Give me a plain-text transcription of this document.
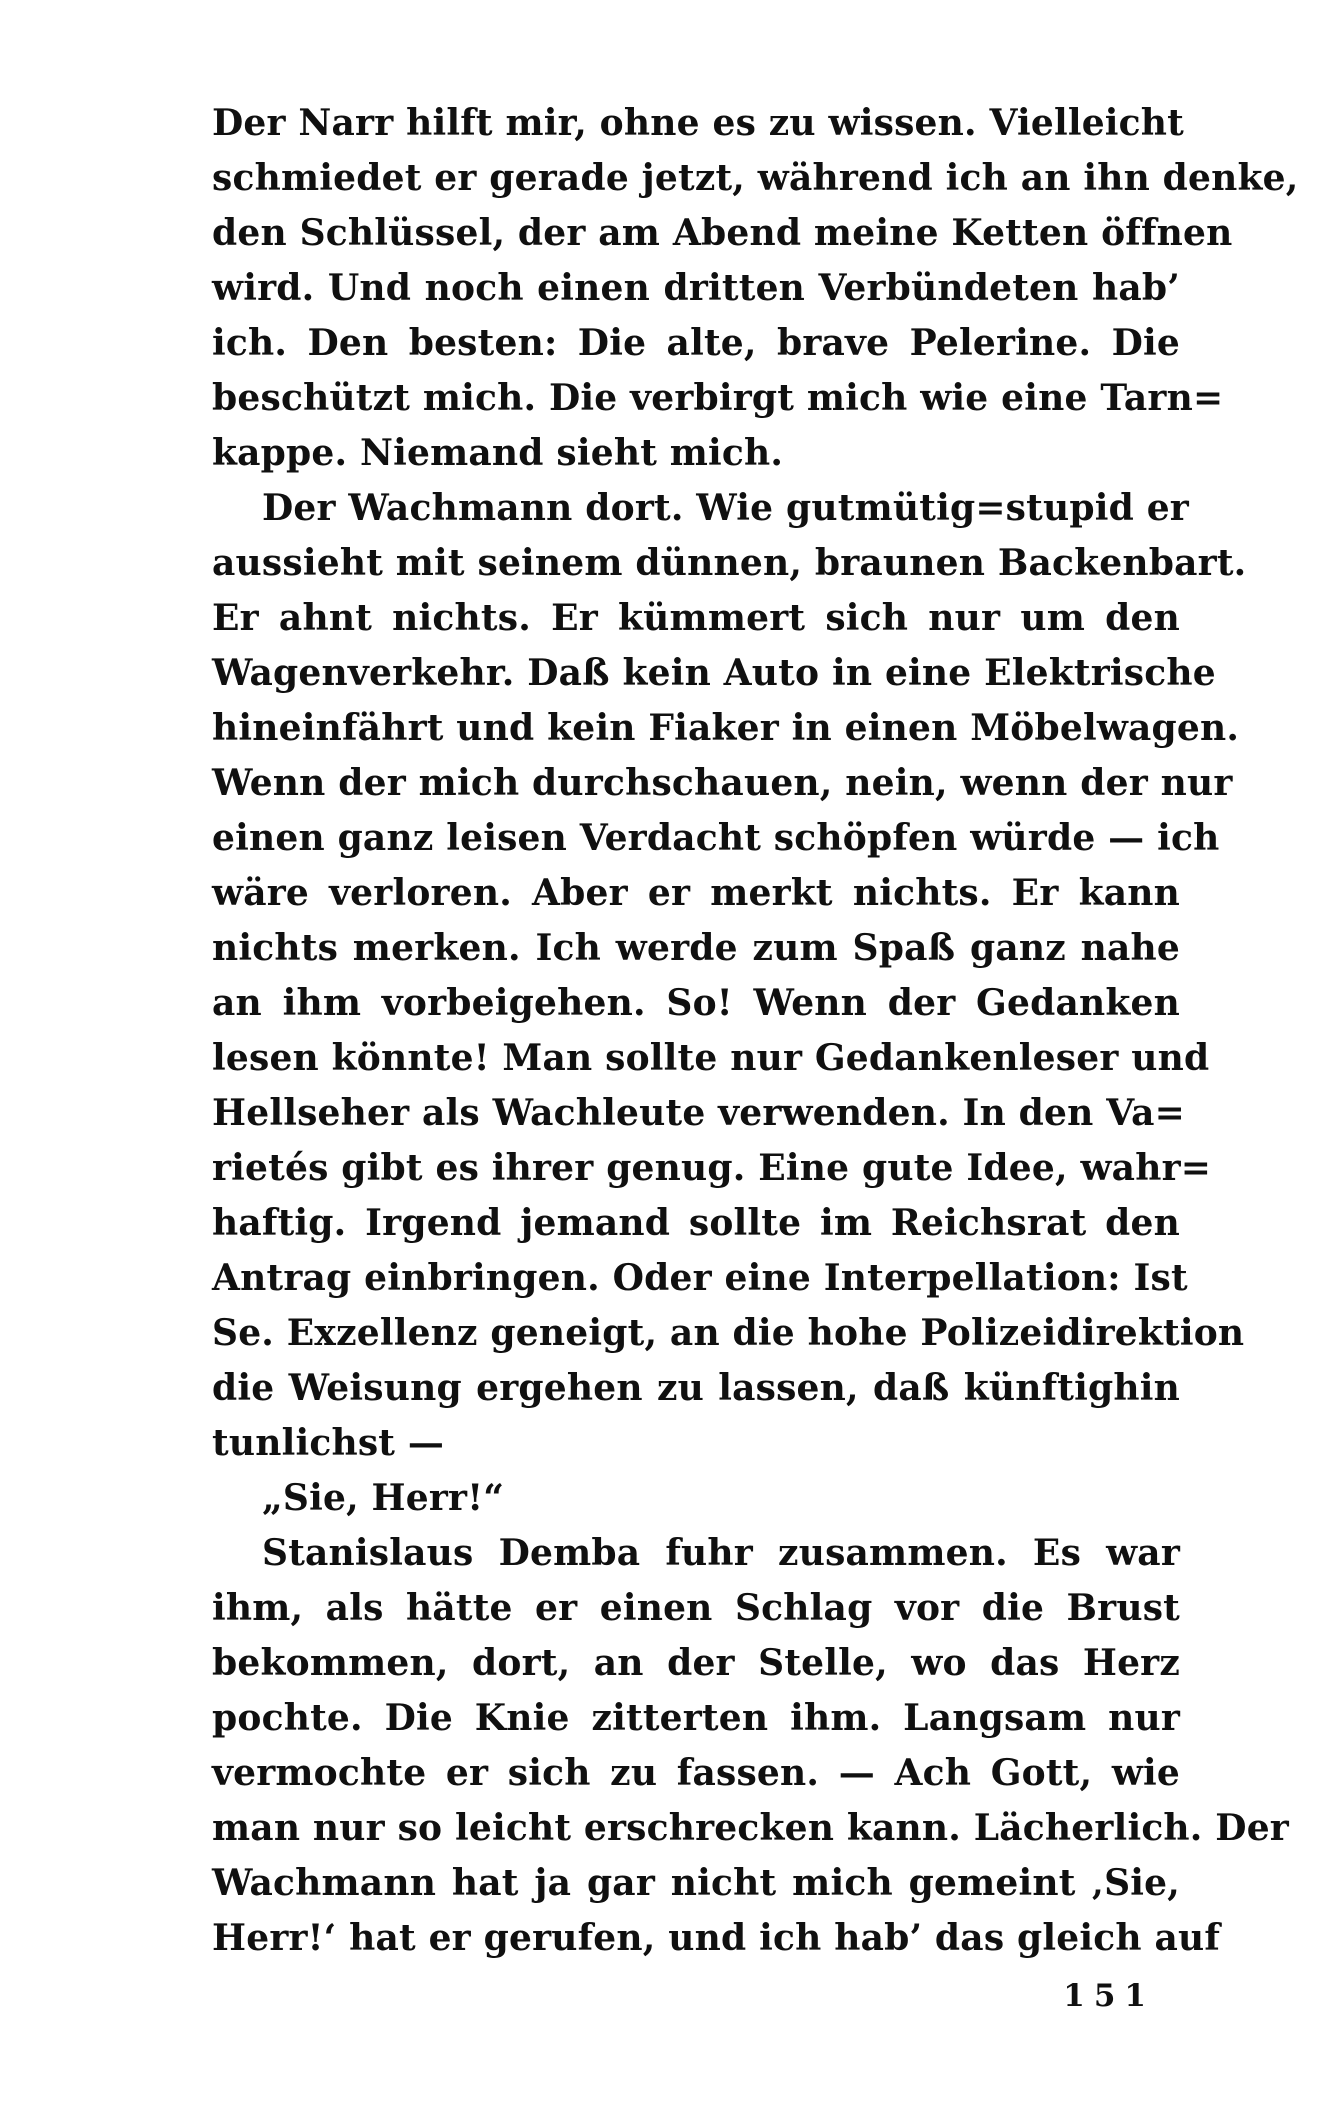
Der Narr hilft mir, ohne es zu wissen. Vielleicht
schmiedet er gerade jetzt, während ich an ihn denke,
den Schlüssel, der am Abend meine Ketten öffnen
wird. Und noch einen dritten Verbündeten hab’
ich. Den besten: Die alte, brave Pelerine. Die
beschützt mich. Die verbirgt mich wie eine Tarn=
kappe. Niemand sieht mich.
Der Wachmann dort. Wie gutmütig=stupid er
aussieht mit seinem dünnen, braunen Backenbart.
Er ahnt nichts. Er kümmert sich nur um den
Wagenverkehr. Daß kein Auto in eine Elektrische
hineinfährt und kein Fiaker in einen Möbelwagen.
Wenn der mich durchschauen, nein, wenn der nur
einen ganz leisen Verdacht schöpfen würde — ich
wäre verloren. Aber er merkt nichts. Er kann
nichts merken. Ich werde zum Spaß ganz nahe
an ihm vorbeigehen. So! Wenn der Gedanken
lesen könnte! Man sollte nur Gedankenleser und
Hellseher als Wachleute verwenden. In den Va=
rietés gibt es ihrer genug. Eine gute Idee, wahr=
haftig. Irgend jemand sollte im Reichsrat den
Antrag einbringen. Oder eine Interpellation: Ist
Se. Exzellenz geneigt, an die hohe Polizeidirektion
die Weisung ergehen zu lassen, daß künftighin
tunlichst —
„Sie, Herr!“
Stanislaus Demba fuhr zusammen. Es war
ihm, als hätte er einen Schlag vor die Brust
bekommen, dort, an der Stelle, wo das Herz
pochte. Die Knie zitterten ihm. Langsam nur
vermochte er sich zu fassen. — Ach Gott, wie
man nur so leicht erschrecken kann. Lächerlich. Der
Wachmann hat ja gar nicht mich gemeint ‚Sie,
Herr!‘ hat er gerufen, und ich hab’ das gleich auf
151
